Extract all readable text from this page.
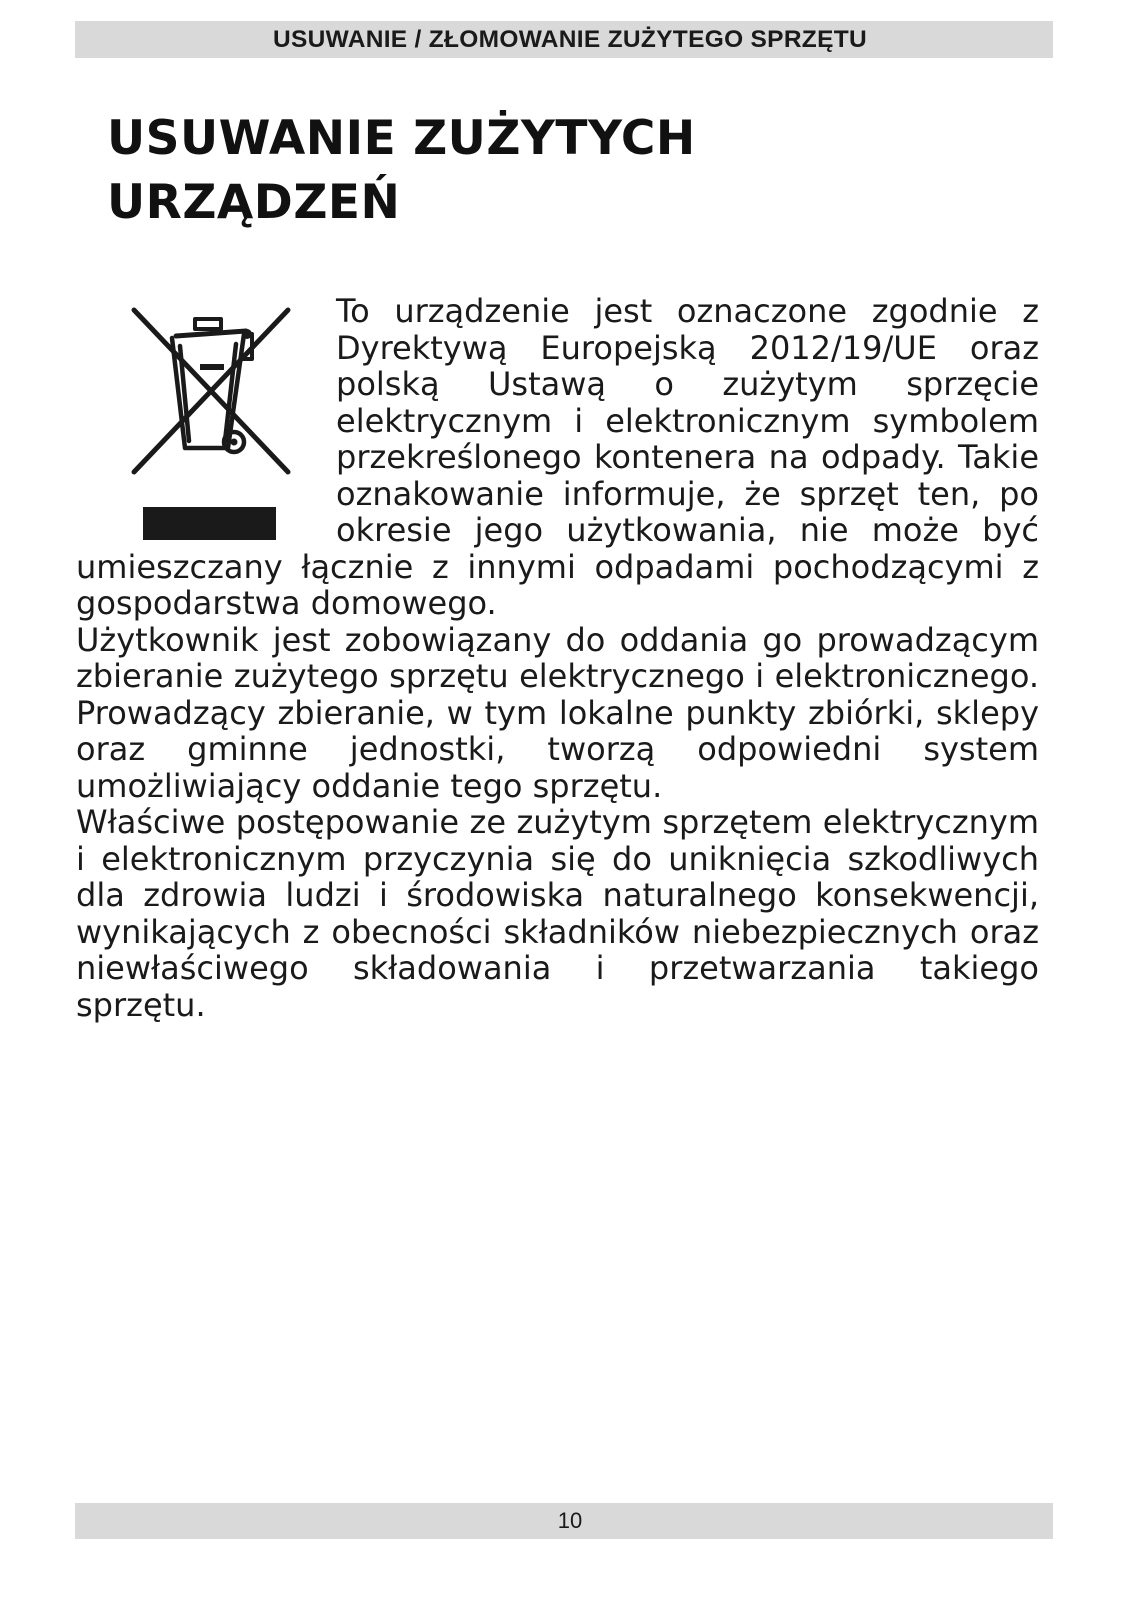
USUWANIE / ZŁOMOWANIE ZUŻYTEGO SPRZĘTU
USUWANIE ZUŻYTYCH
URZĄDZEŃ

To urządzenie jest oznaczone zgodnie z Dyrektywą Europejską 2012/19/UE oraz polską Ustawą o zużytym sprzęcie elektrycznym i elektronicznym symbolem przekreślonego kontenera na odpady. Takie oznakowanie informuje, że sprzęt ten, po okresie jego użytkowania, nie może być umieszczany łącznie z innymi odpadami pochodzącymi z gospodarstwa domowego.

Użytkownik jest zobowiązany do oddania go prowadzącym zbieranie zużytego sprzętu elektrycznego i elektronicznego. Prowadzący zbieranie, w tym lokalne punkty zbiórki, sklepy oraz gminne jednostki, tworzą odpowiedni system umożliwiający oddanie tego sprzętu.

Właściwe postępowanie ze zużytym sprzętem elektrycznym i elektronicznym przyczynia się do uniknięcia szkodliwych dla zdrowia ludzi i środowiska naturalnego konsekwencji, wynikających z obecności składników niebezpiecznych oraz niewłaściwego składowania i przetwarzania takiego sprzętu.

10
